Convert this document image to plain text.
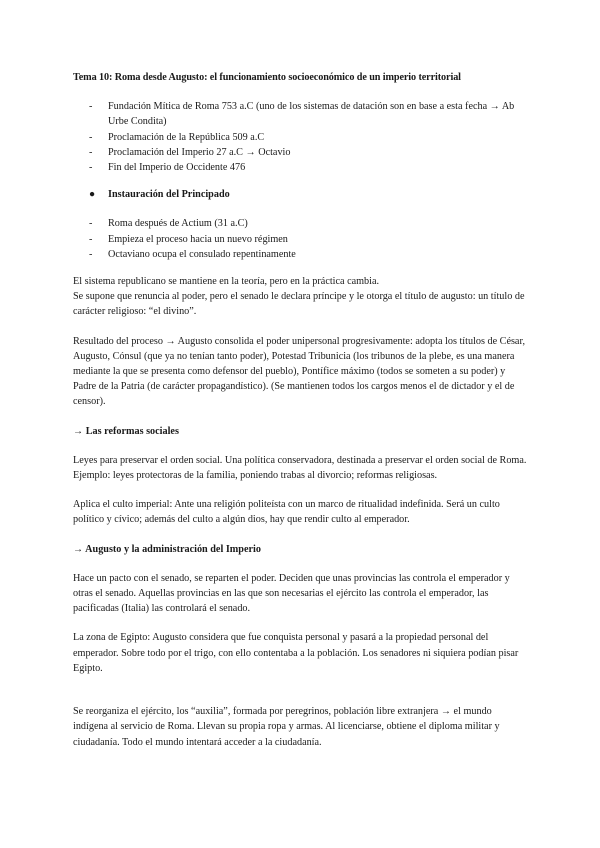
Tema 10: Roma desde Augusto: el funcionamiento socioeconómico de un imperio territorial
- Fundación Mítica de Roma 753 a.C (uno de los sistemas de datación son en base a esta fecha → Ab Urbe Condita)
- Proclamación de la República 509 a.C
- Proclamación del Imperio 27 a.C → Octavio
- Fin del Imperio de Occidente 476
● Instauración del Principado
- Roma después de Actium (31 a.C)
- Empieza el proceso hacia un nuevo régimen
- Octaviano ocupa el consulado repentinamente

El sistema republicano se mantiene en la teoría, pero en la práctica cambia.

Se supone que renuncia al poder, pero el senado le declara príncipe y le otorga el título de augusto: un título de carácter religioso: “el divino”.

Resultado del proceso → Augusto consolida el poder unipersonal progresivamente: adopta los títulos de César, Augusto, Cónsul (que ya no tenían tanto poder), Potestad Tribunicia (los tribunos de la plebe, es una manera mediante la que se presenta como defensor del pueblo), Pontífice máximo (todos se someten a su poder) y Padre de la Patria (de carácter propagandístico). (Se mantienen todos los cargos menos el de dictador y el de censor).

→ Las reformas sociales

Leyes para preservar el orden social. Una política conservadora, destinada a preservar el orden social de Roma. Ejemplo: leyes protectoras de la familia, poniendo trabas al divorcio; reformas religiosas.

Aplica el culto imperial: Ante una religión politeísta con un marco de ritualidad indefinida. Será un culto político y cívico; además del culto a algún dios, hay que rendir culto al emperador.

→ Augusto y la administración del Imperio

Hace un pacto con el senado, se reparten el poder. Deciden que unas provincias las controla el emperador y otras el senado. Aquellas provincias en las que son necesarias el ejército las controla el emperador, las pacificadas (Italia) las controlará el senado.

La zona de Egipto: Augusto considera que fue conquista personal y pasará a la propiedad personal del emperador. Sobre todo por el trigo, con ello contentaba a la población. Los senadores ni siquiera podían pisar Egipto.

Se reorganiza el ejército, los “auxilia”, formada por peregrinos, población libre extranjera → el mundo indígena al servicio de Roma. Llevan su propia ropa y armas. Al licenciarse, obtiene el diploma militar y ciudadanía. Todo el mundo intentará acceder a la ciudadanía.
